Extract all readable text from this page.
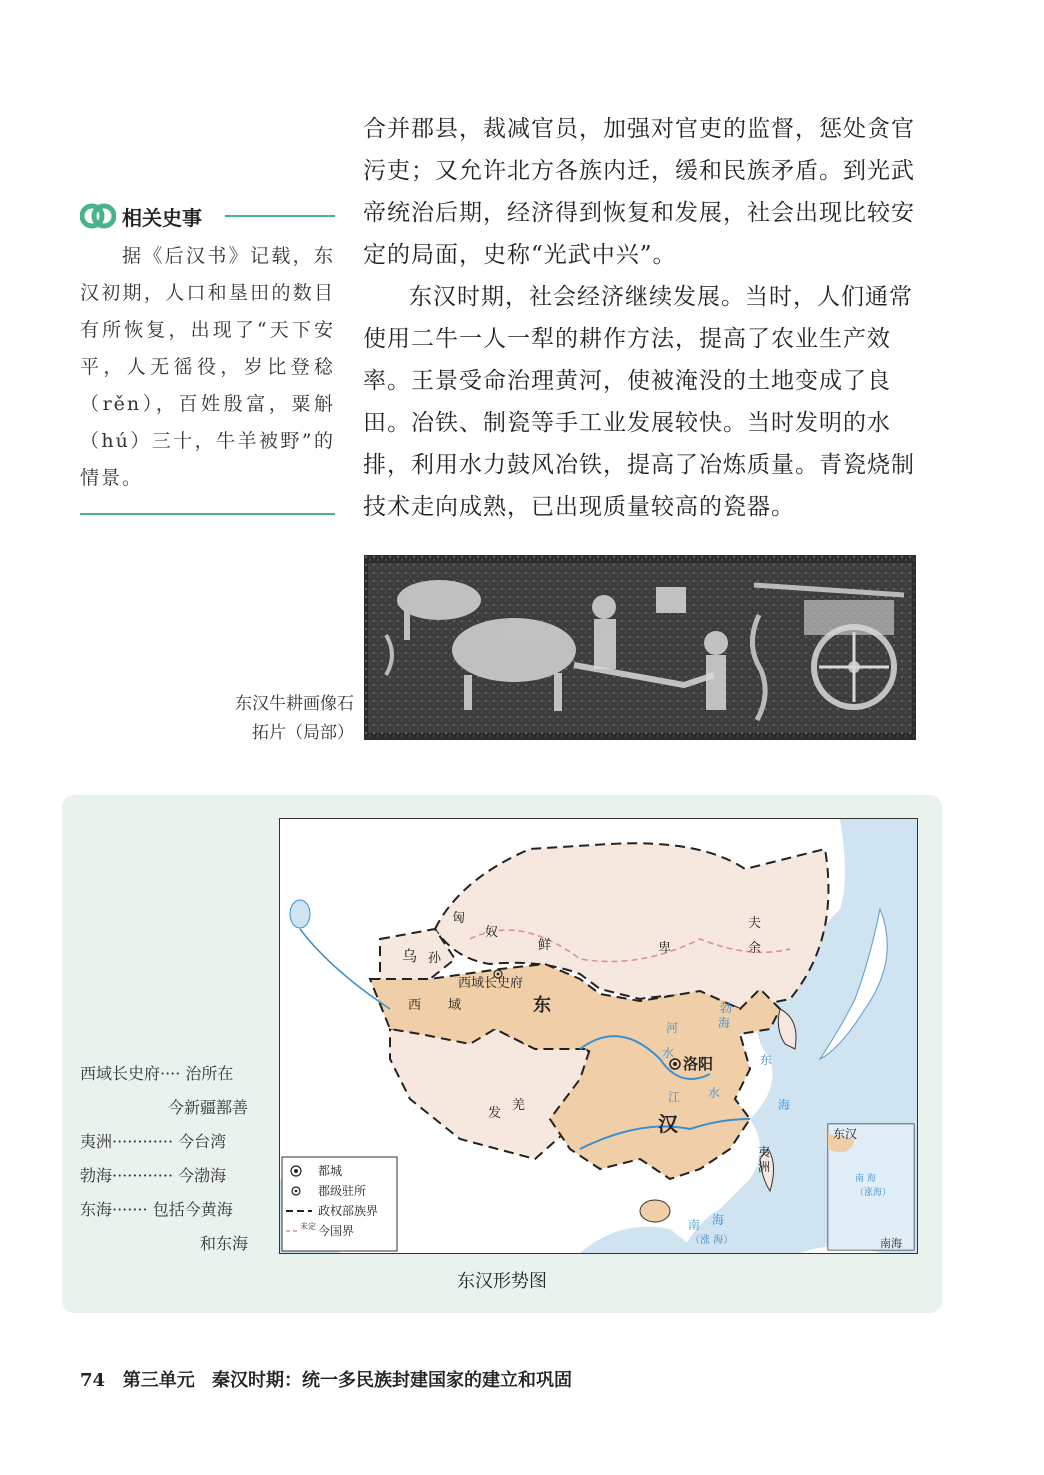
合并郡县，裁减官员，加强对官吏的监督，惩处贪官污吏；又允许北方各族内迁，缓和民族矛盾。到光武帝统治后期，经济得到恢复和发展，社会出现比较安定的局面，史称“光武中兴”。

东汉时期，社会经济继续发展。当时，人们通常使用二牛一人一犁的耕作方法，提高了农业生产效率。王景受命治理黄河，使被淹没的土地变成了良田。冶铁、制瓷等手工业发展较快。当时发明的水排，利用水力鼓风冶铁，提高了冶炼质量。青瓷烧制技术走向成熟，已出现质量较高的瓷器。

相关史事

据《后汉书》记载，东汉初期，人口和垦田的数目有所恢复，出现了“天下安平，人无徭役，岁比登稔（rěn），百姓殷富，粟斛（hú）三十，牛羊被野”的情景。

东汉牛耕画像石
拓片（局部）
西域长史府···· 治所在
今新疆鄯善
夷洲············ 今台湾
勃海············ 今渤海
东海······· 包括今黄海
和东海
匈
奴
鲜	卑
夫
余
乌 孙
西 域
西域长史府
东
汉
洛阳
发
羌
夷
洲
东汉
南海
河
水
江 水
勃
海
东
海
南 海
（涨 海）
南 海
（涨海）
都城
郡级驻所
政权部族界
未定 今国界
东汉形势图
74 第三单元 秦汉时期：统一多民族封建国家的建立和巩固
